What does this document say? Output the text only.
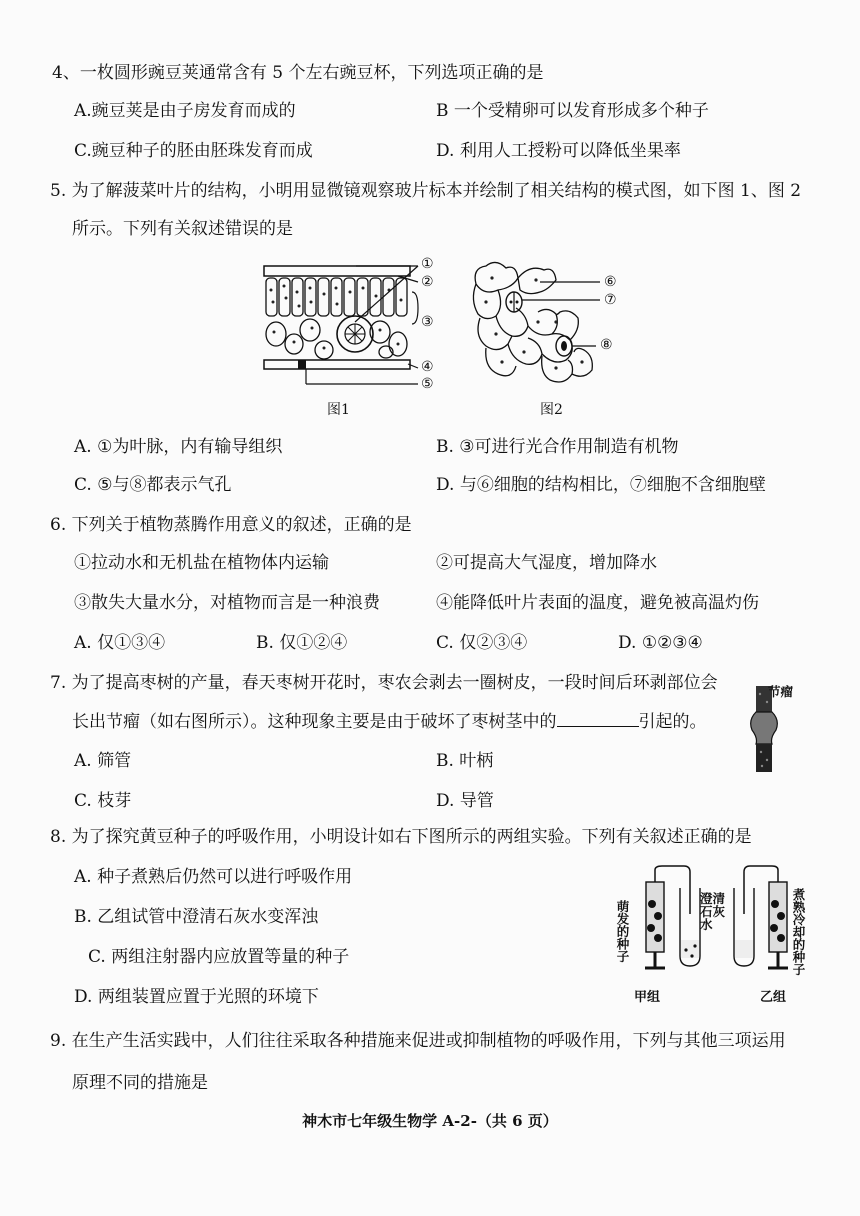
4、一枚圆形豌豆荚通常含有 5 个左右豌豆杯，下列选项正确的是
A.豌豆荚是由子房发育而成的	B 一个受精卵可以发育形成多个种子
C.豌豆种子的胚由胚珠发育而成	D. 利用人工授粉可以降低坐果率
5. 为了解菠菜叶片的结构，小明用显微镜观察玻片标本并绘制了相关结构的模式图，如下图 1、图 2
所示。下列有关叙述错误的是
①
②
③
④
⑤
图1
⑥
⑦
⑧
图2
A. ①为叶脉，内有输导组织	B. ③可进行光合作用制造有机物
C. ⑤与⑧都表示气孔	D. 与⑥细胞的结构相比，⑦细胞不含细胞壁
6. 下列关于植物蒸腾作用意义的叙述，正确的是
①拉动水和无机盐在植物体内运输	②可提高大气湿度，增加降水
③散失大量水分，对植物而言是一种浪费	④能降低叶片表面的温度，避免被高温灼伤
A. 仅①③④	B. 仅①②④	C. 仅②③④	D. ①②③④
7. 为了提高枣树的产量，春天枣树开花时，枣农会剥去一圈树皮，一段时间后环剥部位会
长出节瘤（如右图所示）。这种现象主要是由于破坏了枣树茎中的	引起的。
A. 筛管	B. 叶柄
C. 枝芽	D. 导管
节瘤
8. 为了探究黄豆种子的呼吸作用，小明设计如右下图所示的两组实验。下列有关叙述正确的是
A. 种子煮熟后仍然可以进行呼吸作用
B. 乙组试管中澄清石灰水变浑浊
C. 两组注射器内应放置等量的种子
D. 两组装置应置于光照的环境下
萌发的种子
澄清石灰水	煮熟冷却的种子
甲组	乙组
9. 在生产生活实践中，人们往往采取各种措施来促进或抑制植物的呼吸作用，下列与其他三项运用
原理不同的措施是
神木市七年级生物学 A-2-（共 6 页）
